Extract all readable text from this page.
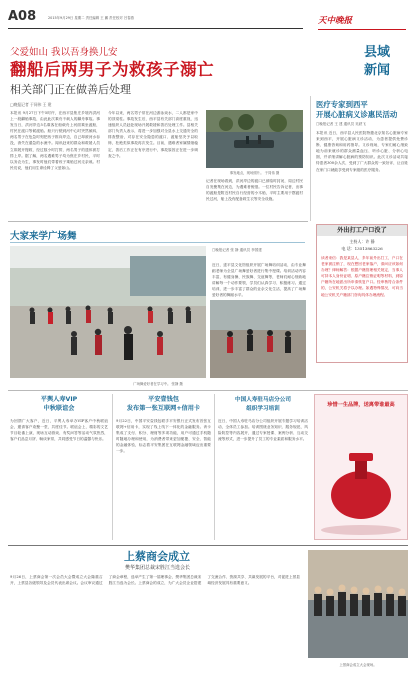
A08	2015年9月29日 星期二 责任编辑 王 鹏 责任校对 吕春燕	天中晚报
县域
新闻
父爱如山 我以吾身换儿安
翻船后两男子为救孩子溺亡
相关部门正在做善后处理
□晚报记者 于同伟 王 建
本报讯 9月27日下午5时许，在西平县焦庄乡境内洪河上一段翻船事故，由此此次乘舟不载人的翻舟事故。事发当日，洪河岸边5名乘客在船载舟上河面乘坐渡船，村民在渡口等候渡船。船只行驶到河中心时突然倾斜，两名男子在危急时刻把孩子推向岸边，自己却被河水吞没，消失在湍急的水流中。闻讯赶来的群众和救援人员立即展开搜救，经过数小时打捞，两名男子的遗体被打捞上岸。据了解，两名遇难男子均为焦庄乡村民，平时以务农为生，事发时他们带着孩子乘船过河走亲戚。村民们说，他们用生命诠释了父爱如山。
今年以来，两名男子常在河边游泳戏水，二人都是家中的顶梁柱。事故发生后，西平县有关部门高度重视，迅速组织人员赶赴现场开展救援和善后处理工作。县相关部门负责人表示，将进一步加强对全县水上交通安全的排查整治，对存在安全隐患的渡口、渡船坚决予以取缔，杜绝类似事故再次发生。目前，遇难者家属情绪稳定，善后工作正在有序进行中，事故原因正在进一步调查之中。
事发地点，现场照片。 于同伟 摄
记者在现场看到，洪河岸边的渡口已被临时封闭，周边村民自发聚集在河边，为遇难者惋惜。一位村民告诉记者，出事的渡船是附近村民自行经营的小木船，平时主要用于摆渡村民过河，船上没有配备救生衣等安全设施。
医疗专家到西平
开展心脏病义诊惠民活动
□晚报记者 王 建 通讯员 吴跃飞
本报讯 近日，西平县人民医院特邀北京知名心脏病专家来到西平，开展心脏病义诊活动，为患者提供免费诊断、健康咨询和用药指导。义诊现场，专家们耐心细致地为前来就诊的群众测量血压、听诊心脏、分析心电图，并详细讲解心脏病的预防知识。此次义诊活动共接待患者300余人次，受到了广大群众的一致好评，让百姓在家门口就能享受到专家级的医疗服务。
外出打工户口没了
主持人：许 静
电 话：13513863226
读者来信：我是某县人，多年前外出打工，户口在老家被注销了，现在想回老家落户，请问应该如何办理？律师解答：根据户籍管理相关规定，当事人可持本人身份证明、原户籍注销证明等材料，到原户籍所在地派出所申请恢复户口。经审核符合条件的，公安机关将予以办理。如遇特殊情况，可向当地公安机关户籍部门咨询具体办理流程。
大家来学广场舞
□晚报记者 张 静 通讯员 李国建
近日，遂平县文化馆组织开展广场舞培训活动，由专业舞蹈老师为全县广场舞爱好者进行集中授课。培训活动内容丰富，有健身操、民族舞、交谊舞等，老师们耐心细致地讲解每一个动作要领，学员们认真学习、积极练习。通过培训，进一步丰富了群众的业余文化生活，提高了广场舞爱好者的舞蹈水平。
广场舞爱好者在学习中。 张静 摄
平舆人寿VIP
中秋联谊会
为回馈广大客户，近日，平舆人寿举办VIP客户中秋联谊会，邀请客户欢聚一堂，共度佳节。联谊会上，精彩的文艺节目轮番上演，现场互动游戏、有奖问答等活动气氛热烈，客户们品尝月饼、畅谈家常，共同感受节日的温馨与快乐。
平安壹钱包
发布第一张互联网+信用卡
9月22日，中国平安壹钱包联手平安银行正式发布首张互联网+信用卡，实现了线上线下一体化的金融服务。该卡集成了支付、积分、理财等多项功能，用户可通过手机随时随地办理和使用，为消费者带来更加便捷、安全、智能的金融体验，标志着平安集团在互联网金融领域迈出重要一步。
中国人寿驻马店分公司
组织学习培训
近日，中国人寿驻马店分公司组织开展专题学习培训活动，全体员工参加。培训围绕业务知识、服务规范、风险防控等内容展开，通过专家授课、案例分析、互动交流等形式，进一步提升了员工的专业素质和服务水平。
珍惜一生品牌，送离带谁最高
上蔡商会成立
樊华集团总裁宋胜江当选会长
9月26日，上蔡商会第一次会员大会暨成立大会隆重召开，上蔡县各级领导及会员代表出席会议。会议审议通过了商会章程，选举产生了第一届理事会，樊华集团总裁宋胜江当选为会长。上蔡商会的成立，为广大会员企业搭建了交流合作、资源共享、共谋发展的平台，对促进上蔡县域经济发展具有重要意义。
上蔡商会成立大会现场。
